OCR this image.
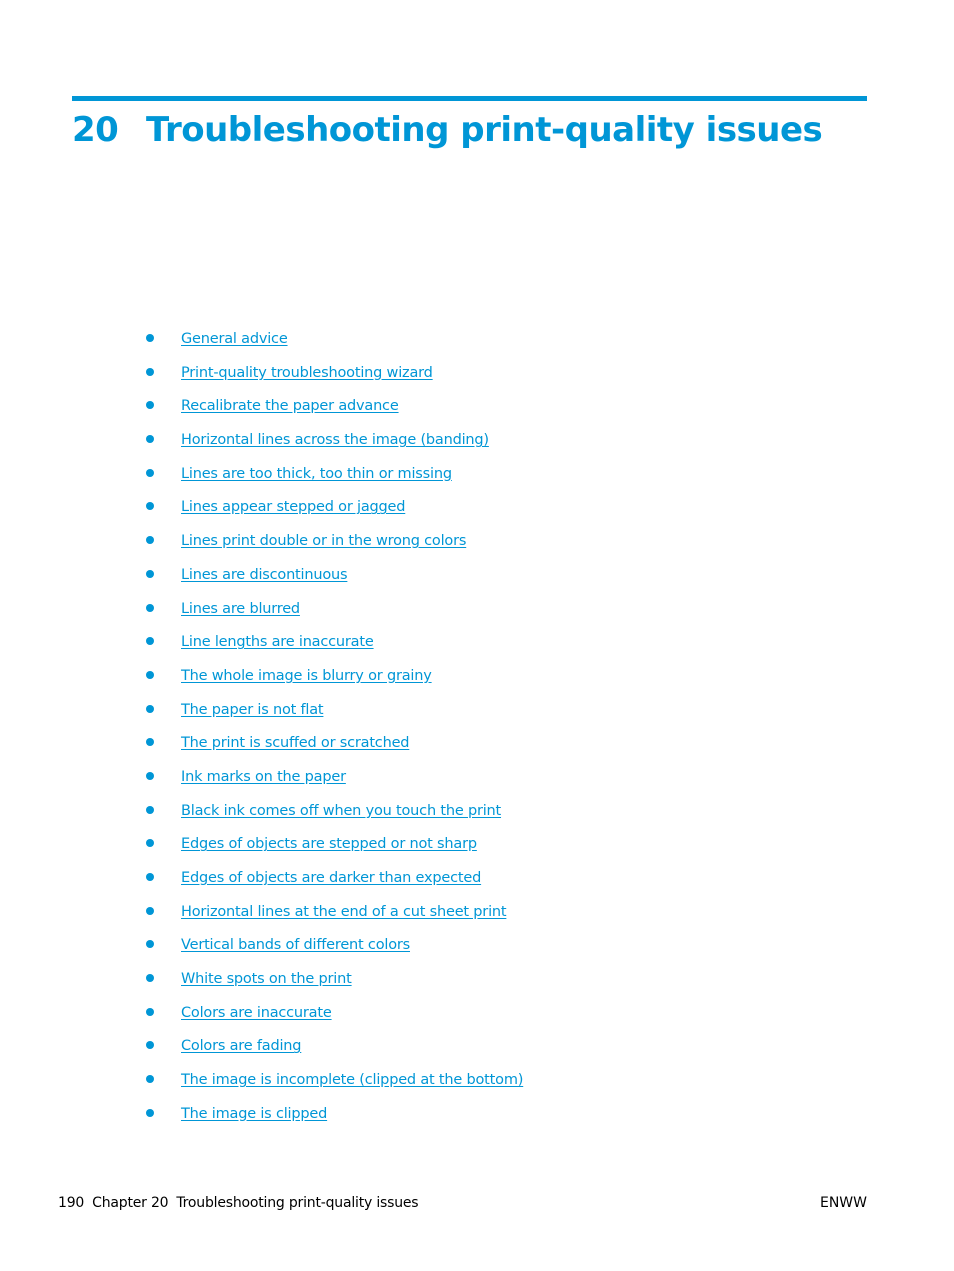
20 Troubleshooting print-quality issues
General advice
Print-quality troubleshooting wizard
Recalibrate the paper advance
Horizontal lines across the image (banding)
Lines are too thick, too thin or missing
Lines appear stepped or jagged
Lines print double or in the wrong colors
Lines are discontinuous
Lines are blurred
Line lengths are inaccurate
The whole image is blurry or grainy
The paper is not flat
The print is scuffed or scratched
Ink marks on the paper
Black ink comes off when you touch the print
Edges of objects are stepped or not sharp
Edges of objects are darker than expected
Horizontal lines at the end of a cut sheet print
Vertical bands of different colors
White spots on the print
Colors are inaccurate
Colors are fading
The image is incomplete (clipped at the bottom)
The image is clipped
190 Chapter 20 Troubleshooting print-quality issues	ENWW
